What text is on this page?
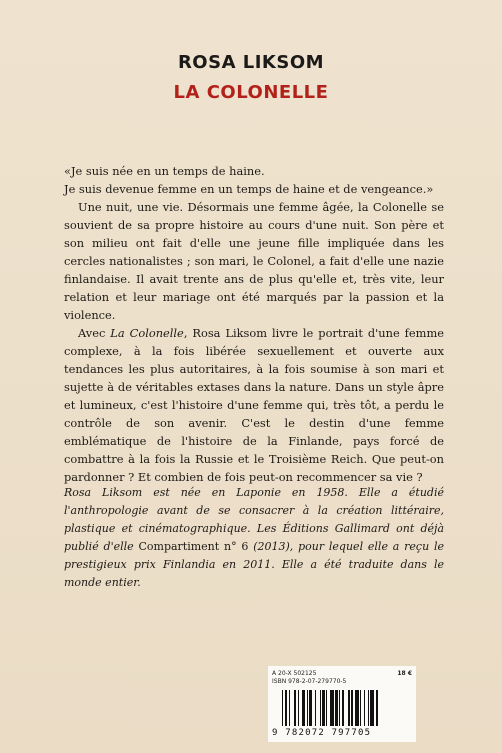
ROSA LIKSOM
LA COLONELLE
«Je suis née en un temps de haine.
Je suis devenue femme en un temps de haine et de vengeance.»

Une nuit, une vie. Désormais une femme âgée, la Colonelle se souvient de sa propre histoire au cours d'une nuit. Son père et son milieu ont fait d'elle une jeune fille impliquée dans les cercles nationalistes ; son mari, le Colonel, a fait d'elle une nazie finlandaise. Il avait trente ans de plus qu'elle et, très vite, leur relation et leur mariage ont été marqués par la passion et la violence.

Avec La Colonelle, Rosa Liksom livre le portrait d'une femme complexe, à la fois libérée sexuellement et ouverte aux tendances les plus autoritaires, à la fois soumise à son mari et sujette à de véritables extases dans la nature. Dans un style âpre et lumineux, c'est l'histoire d'une femme qui, très tôt, a perdu le contrôle de son avenir. C'est le destin d'une femme emblématique de l'histoire de la Finlande, pays forcé de combattre à la fois la Russie et le Troisième Reich. Que peut-on pardonner ? Et combien de fois peut-on recommencer sa vie ?

Rosa Liksom est née en Laponie en 1958. Elle a étudié l'anthropologie avant de se consacrer à la création littéraire, plastique et cinématographique. Les Éditions Gallimard ont déjà publié d'elle Compartiment n° 6 (2013), pour lequel elle a reçu le prestigieux prix Finlandia en 2011. Elle a été traduite dans le monde entier.

A 20-X 502125	18 €
ISBN 978-2-07-279770-5
9 782072 797705
